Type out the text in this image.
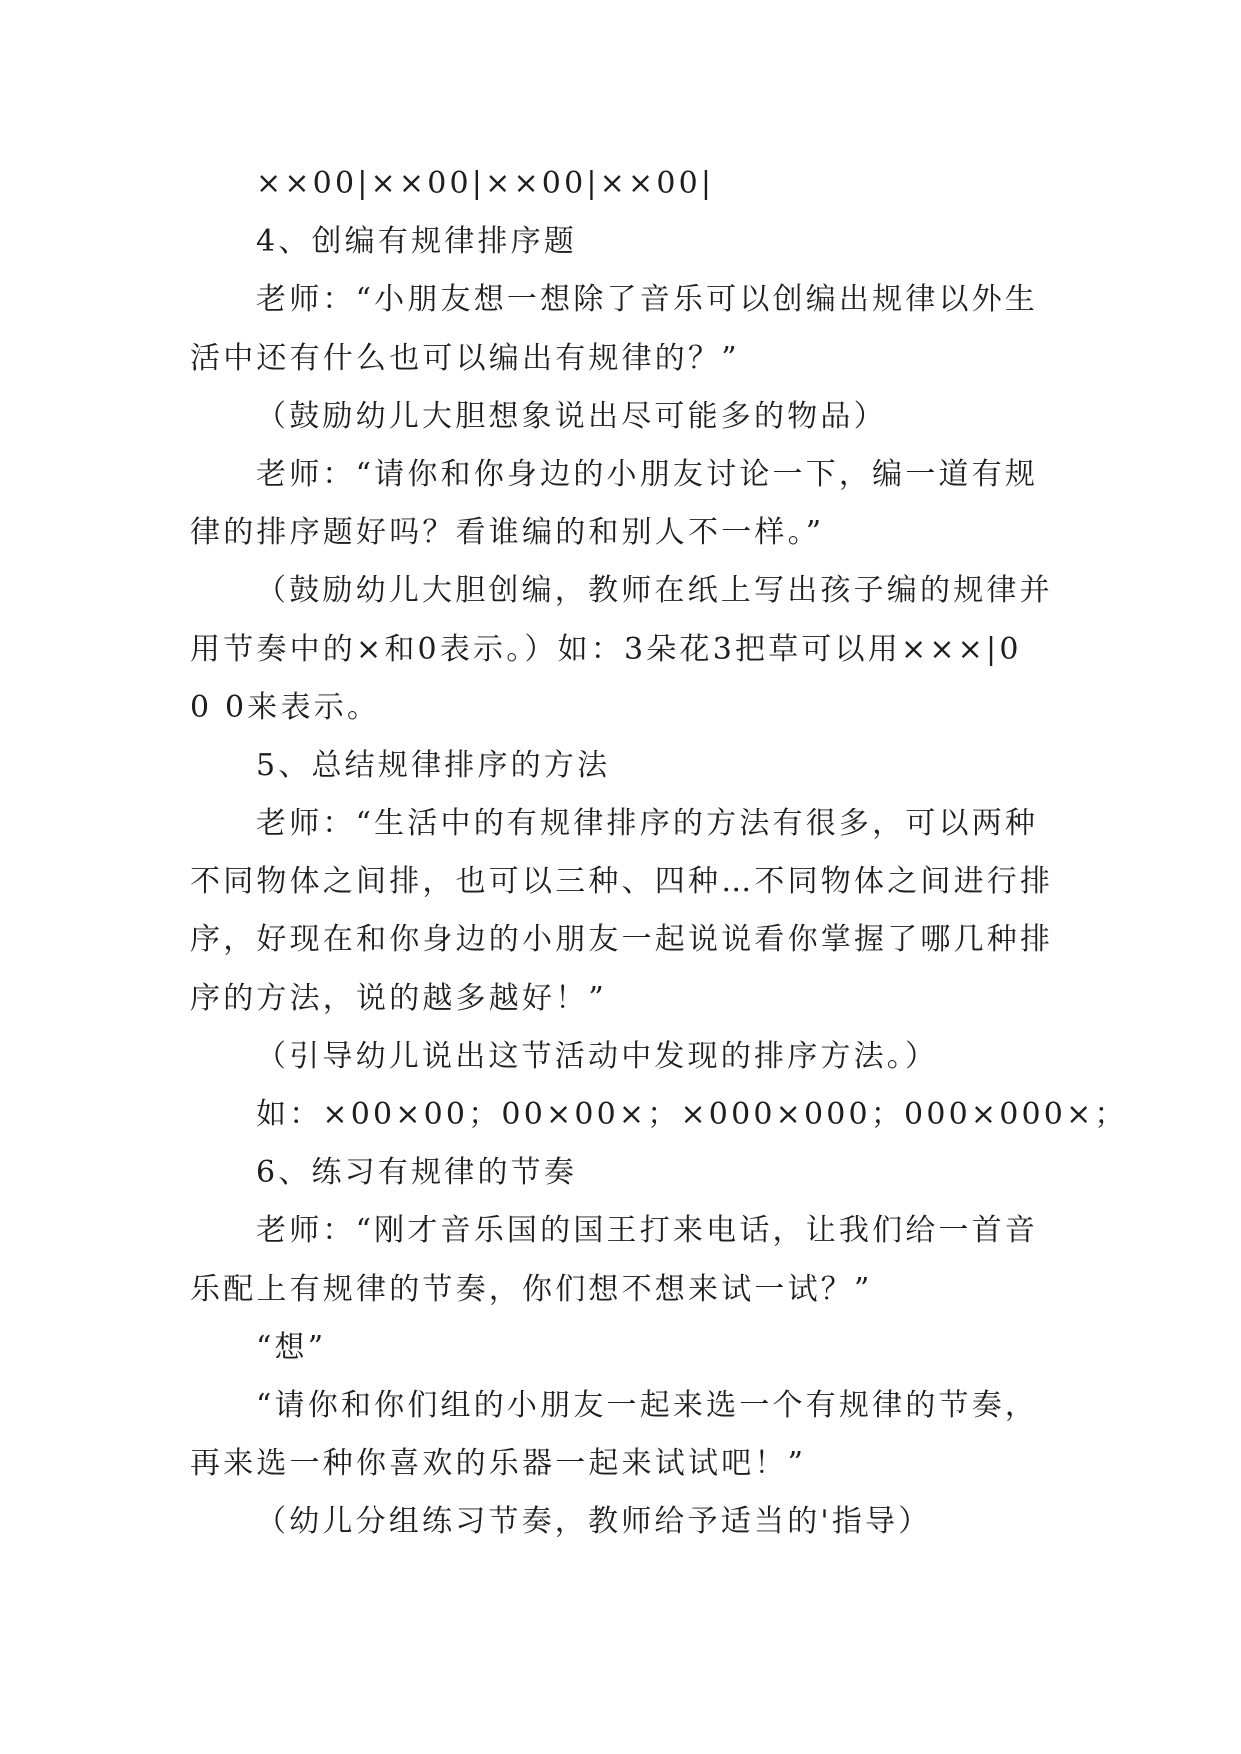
××00|××00|××00|××00|
4、创编有规律排序题
老师：“小朋友想一想除了音乐可以创编出规律以外生
活中还有什么也可以编出有规律的？”
（鼓励幼儿大胆想象说出尽可能多的物品）
老师：“请你和你身边的小朋友讨论一下，编一道有规
律的排序题好吗？看谁编的和别人不一样。”
（鼓励幼儿大胆创编，教师在纸上写出孩子编的规律并
用节奏中的×和0表示。）如：3朵花3把草可以用×××|0
0 0来表示。
5、总结规律排序的方法
老师：“生活中的有规律排序的方法有很多，可以两种
不同物体之间排，也可以三种、四种…不同物体之间进行排
序，好现在和你身边的小朋友一起说说看你掌握了哪几种排
序的方法，说的越多越好！”
（引导幼儿说出这节活动中发现的排序方法。）
如：×00×00；00×00×；×000×000；000×000×；
6、练习有规律的节奏
老师：“刚才音乐国的国王打来电话，让我们给一首音
乐配上有规律的节奏，你们想不想来试一试？”
“想”
“请你和你们组的小朋友一起来选一个有规律的节奏，
再来选一种你喜欢的乐器一起来试试吧！”
（幼儿分组练习节奏，教师给予适当的'指导）
